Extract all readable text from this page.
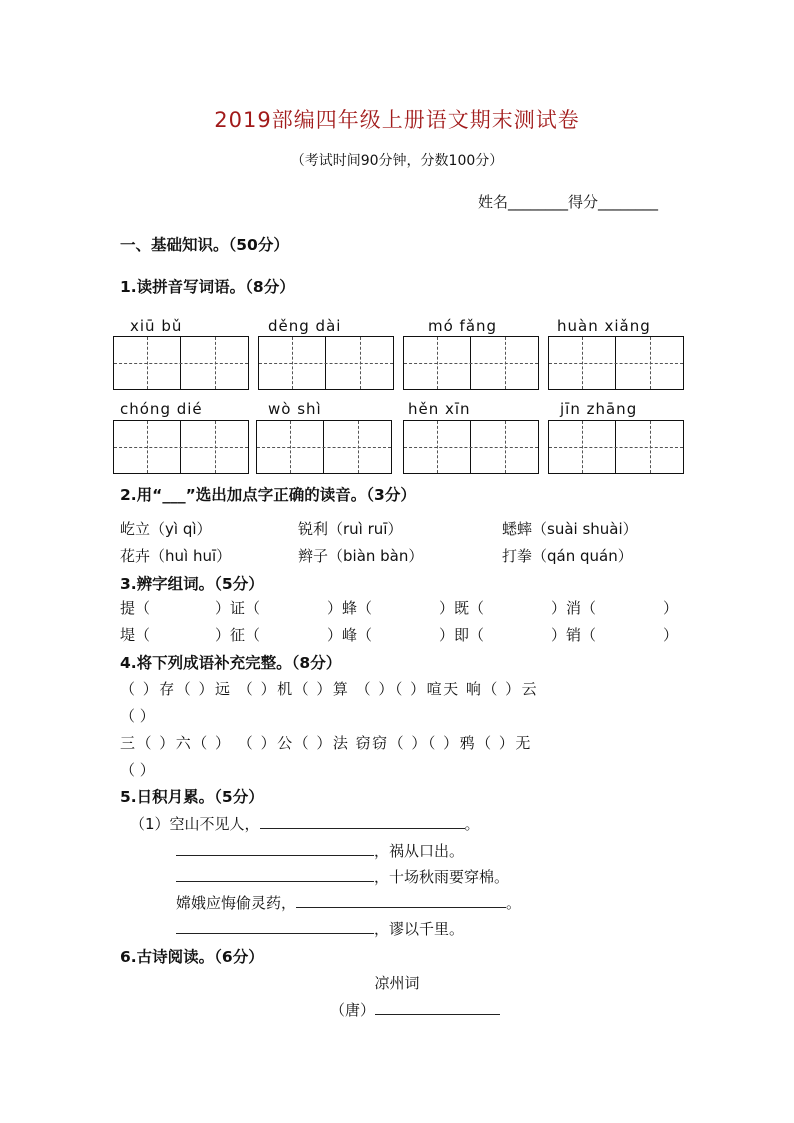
2019部编四年级上册语文期末测试卷
（考试时间90分钟，分数100分）
姓名________得分________
一、基础知识。（50分）
1.读拼音写词语。（8分）
xiū bǔ	děng dài	mó fǎng	huàn xiǎng
chóng dié	wò shì	hěn xīn	jīn zhāng
2.用“___”选出加点字正确的读音。（3分）
屹立（yì qì）	锐利（ruì ruī）	蟋蟀（suài shuài）
花卉（huì huī）	辫子（biàn bàn）	打拳（qán quán）
3.辨字组词。（5分）
提（	）证（	）蜂（	）既（	）消（	）
堤（	）征（	）峰（	）即（	）销（	）
4.将下列成语补充完整。（8分）
（ ）存（ ）远 （ ）机（ ）算 （ ）（ ）喧天 响（ ）云
（ ）
三（ ）六（ ） （ ）公（ ）法 窃窃（ ）（ ）鸦（ ）无
（ ）
5.日积月累。（5分）
（1）空山不见人，	。
，祸从口出。
，十场秋雨要穿棉。
嫦娥应悔偷灵药，	。
，谬以千里。
6.古诗阅读。（6分）
凉州词
（唐）
